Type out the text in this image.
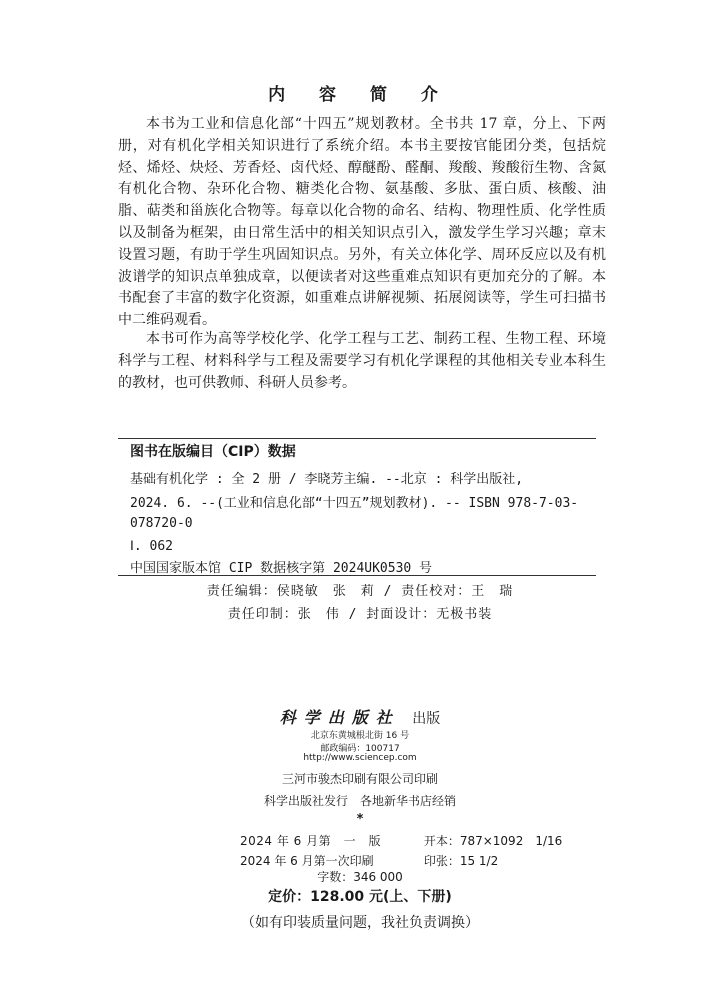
内 容 简 介

本书为工业和信息化部“十四五”规划教材。全书共 17 章，分上、下两册，对有机化学相关知识进行了系统介绍。本书主要按官能团分类，包括烷烃、烯烃、炔烃、芳香烃、卤代烃、醇醚酚、醛酮、羧酸、羧酸衍生物、含氮有机化合物、杂环化合物、糖类化合物、氨基酸、多肽、蛋白质、核酸、油脂、萜类和甾族化合物等。每章以化合物的命名、结构、物理性质、化学性质以及制备为框架，由日常生活中的相关知识点引入，激发学生学习兴趣；章末设置习题，有助于学生巩固知识点。另外，有关立体化学、周环反应以及有机波谱学的知识点单独成章，以便读者对这些重难点知识有更加充分的了解。本书配套了丰富的数字化资源，如重难点讲解视频、拓展阅读等，学生可扫描书中二维码观看。

本书可作为高等学校化学、化学工程与工艺、制药工程、生物工程、环境科学与工程、材料科学与工程及需要学习有机化学课程的其他相关专业本科生的教材，也可供教师、科研人员参考。

图书在版编目（CIP）数据
基础有机化学 : 全 2 册 / 李晓芳主编. --北京 : 科学出版社,
2024. 6. --(工业和信息化部“十四五”规划教材). -- ISBN 978-7-03-
078720-0
Ⅰ. 062
中国国家版本馆 CIP 数据核字第 2024UK0530 号
责任编辑：侯晓敏　张　莉 / 责任校对：王　瑞
责任印制：张　伟 / 封面设计：无极书装
科学出版社 出版
北京东黄城根北街 16 号
邮政编码：100717
http://www.sciencep.com
三河市骏杰印刷有限公司印刷
科学出版社发行　各地新华书店经销
*
2024 年 6 月第　一　版	开本：787×1092　1/16
2024 年 6 月第一次印刷	印张：15 1/2
字数：346 000
定价：128.00 元(上、下册)
（如有印装质量问题，我社负责调换）
